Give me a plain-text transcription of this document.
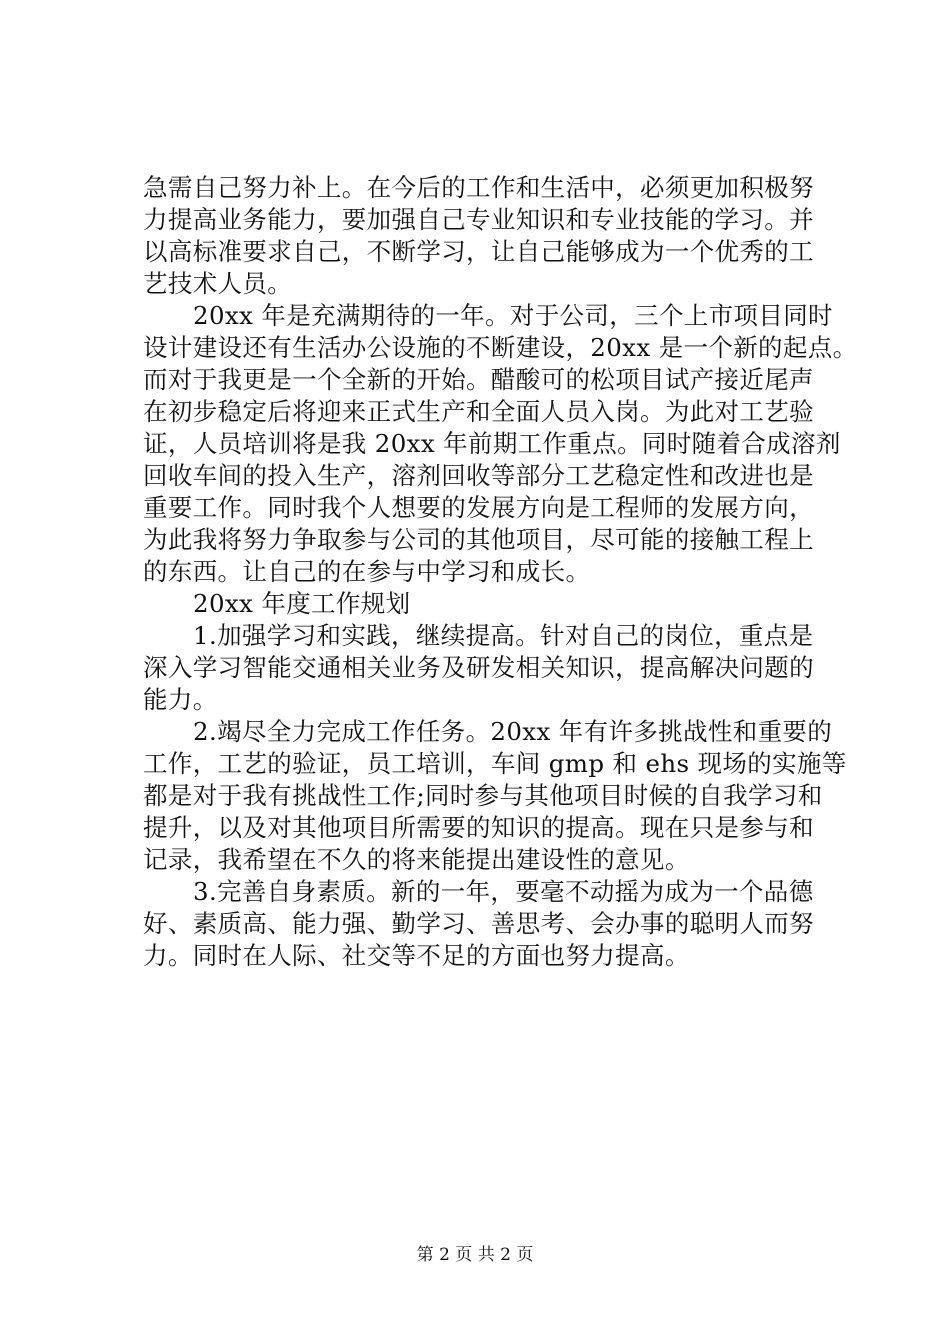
急需自己努力补上。在今后的工作和生活中，必须更加积极努
力提高业务能力，要加强自己专业知识和专业技能的学习。并
以高标准要求自己，不断学习，让自己能够成为一个优秀的工
艺技术人员。
20xx 年是充满期待的一年。对于公司，三个上市项目同时
设计建设还有生活办公设施的不断建设，20xx 是一个新的起点。
而对于我更是一个全新的开始。醋酸可的松项目试产接近尾声
在初步稳定后将迎来正式生产和全面人员入岗。为此对工艺验
证，人员培训将是我 20xx 年前期工作重点。同时随着合成溶剂
回收车间的投入生产，溶剂回收等部分工艺稳定性和改进也是
重要工作。同时我个人想要的发展方向是工程师的发展方向，
为此我将努力争取参与公司的其他项目，尽可能的接触工程上
的东西。让自己的在参与中学习和成长。
20xx 年度工作规划
1.加强学习和实践，继续提高。针对自己的岗位，重点是
深入学习智能交通相关业务及研发相关知识，提高解决问题的
能力。
2.竭尽全力完成工作任务。20xx 年有许多挑战性和重要的
工作，工艺的验证，员工培训，车间 gmp 和 ehs 现场的实施等
都是对于我有挑战性工作;同时参与其他项目时候的自我学习和
提升，以及对其他项目所需要的知识的提高。现在只是参与和
记录，我希望在不久的将来能提出建设性的意见。
3.完善自身素质。新的一年，要毫不动摇为成为一个品德
好、素质高、能力强、勤学习、善思考、会办事的聪明人而努
力。同时在人际、社交等不足的方面也努力提高。
第 2 页 共 2 页
